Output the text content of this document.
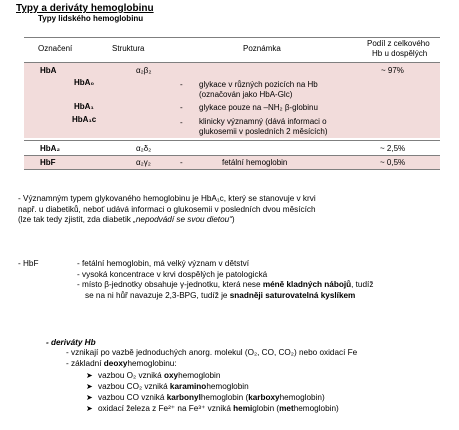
Typy a deriváty hemoglobinu
Typy lidského hemoglobinu
Označení	Struktura	Poznámka
Podíl z celkového
Hb u dospělých
HbA	α₂β₂	~ 97%
HbA₀	- glykace v různých pozicích na Hb
(označován jako HbA-Glc)
HbA₁	- glykace pouze na –NH₂ β-globinu
HbA₁c	- klinicky významný (dává informaci o
glukosemii v posledních 2 měsících)
HbA₂	α₂δ₂	~ 2,5%
HbF	α₂γ₂	-	fetální hemoglobin	~ 0,5%
- Významným typem glykovaného hemoglobinu je HbA₁c, který se stanovuje v krvi
např. u diabetiků, neboť udává informaci o glukosemii v posledních dvou měsících
(lze tak tedy zjistit, zda diabetik „nepodvádí se svou dietou“)
- HbF	- fetální hemoglobin, má velký význam v dětství
- vysoká koncentrace v krvi dospělých je patologická
- místo β-jednotky obsahuje γ-jednotku, která nese méně kladných nábojů, tudíž
se na ni hůř navazuje 2,3-BPG, tudíž je snadněji saturovatelná kyslíkem
- deriváty Hb
- vznikají po vazbě jednoduchých anorg. molekul (O₂, CO, CO₂) nebo oxidací Fe
- základní deoxyhemoglobinu:
➤ vazbou O₂ vzniká oxyhemoglobin
➤ vazbou CO₂ vzniká karaminohemoglobin
➤ vazbou CO vzniká karbonylhemoglobin (karboxyhemoglobin)
➤ oxidací železa z Fe²⁺ na Fe³⁺ vzniká hemiglobin (methemoglobin)
